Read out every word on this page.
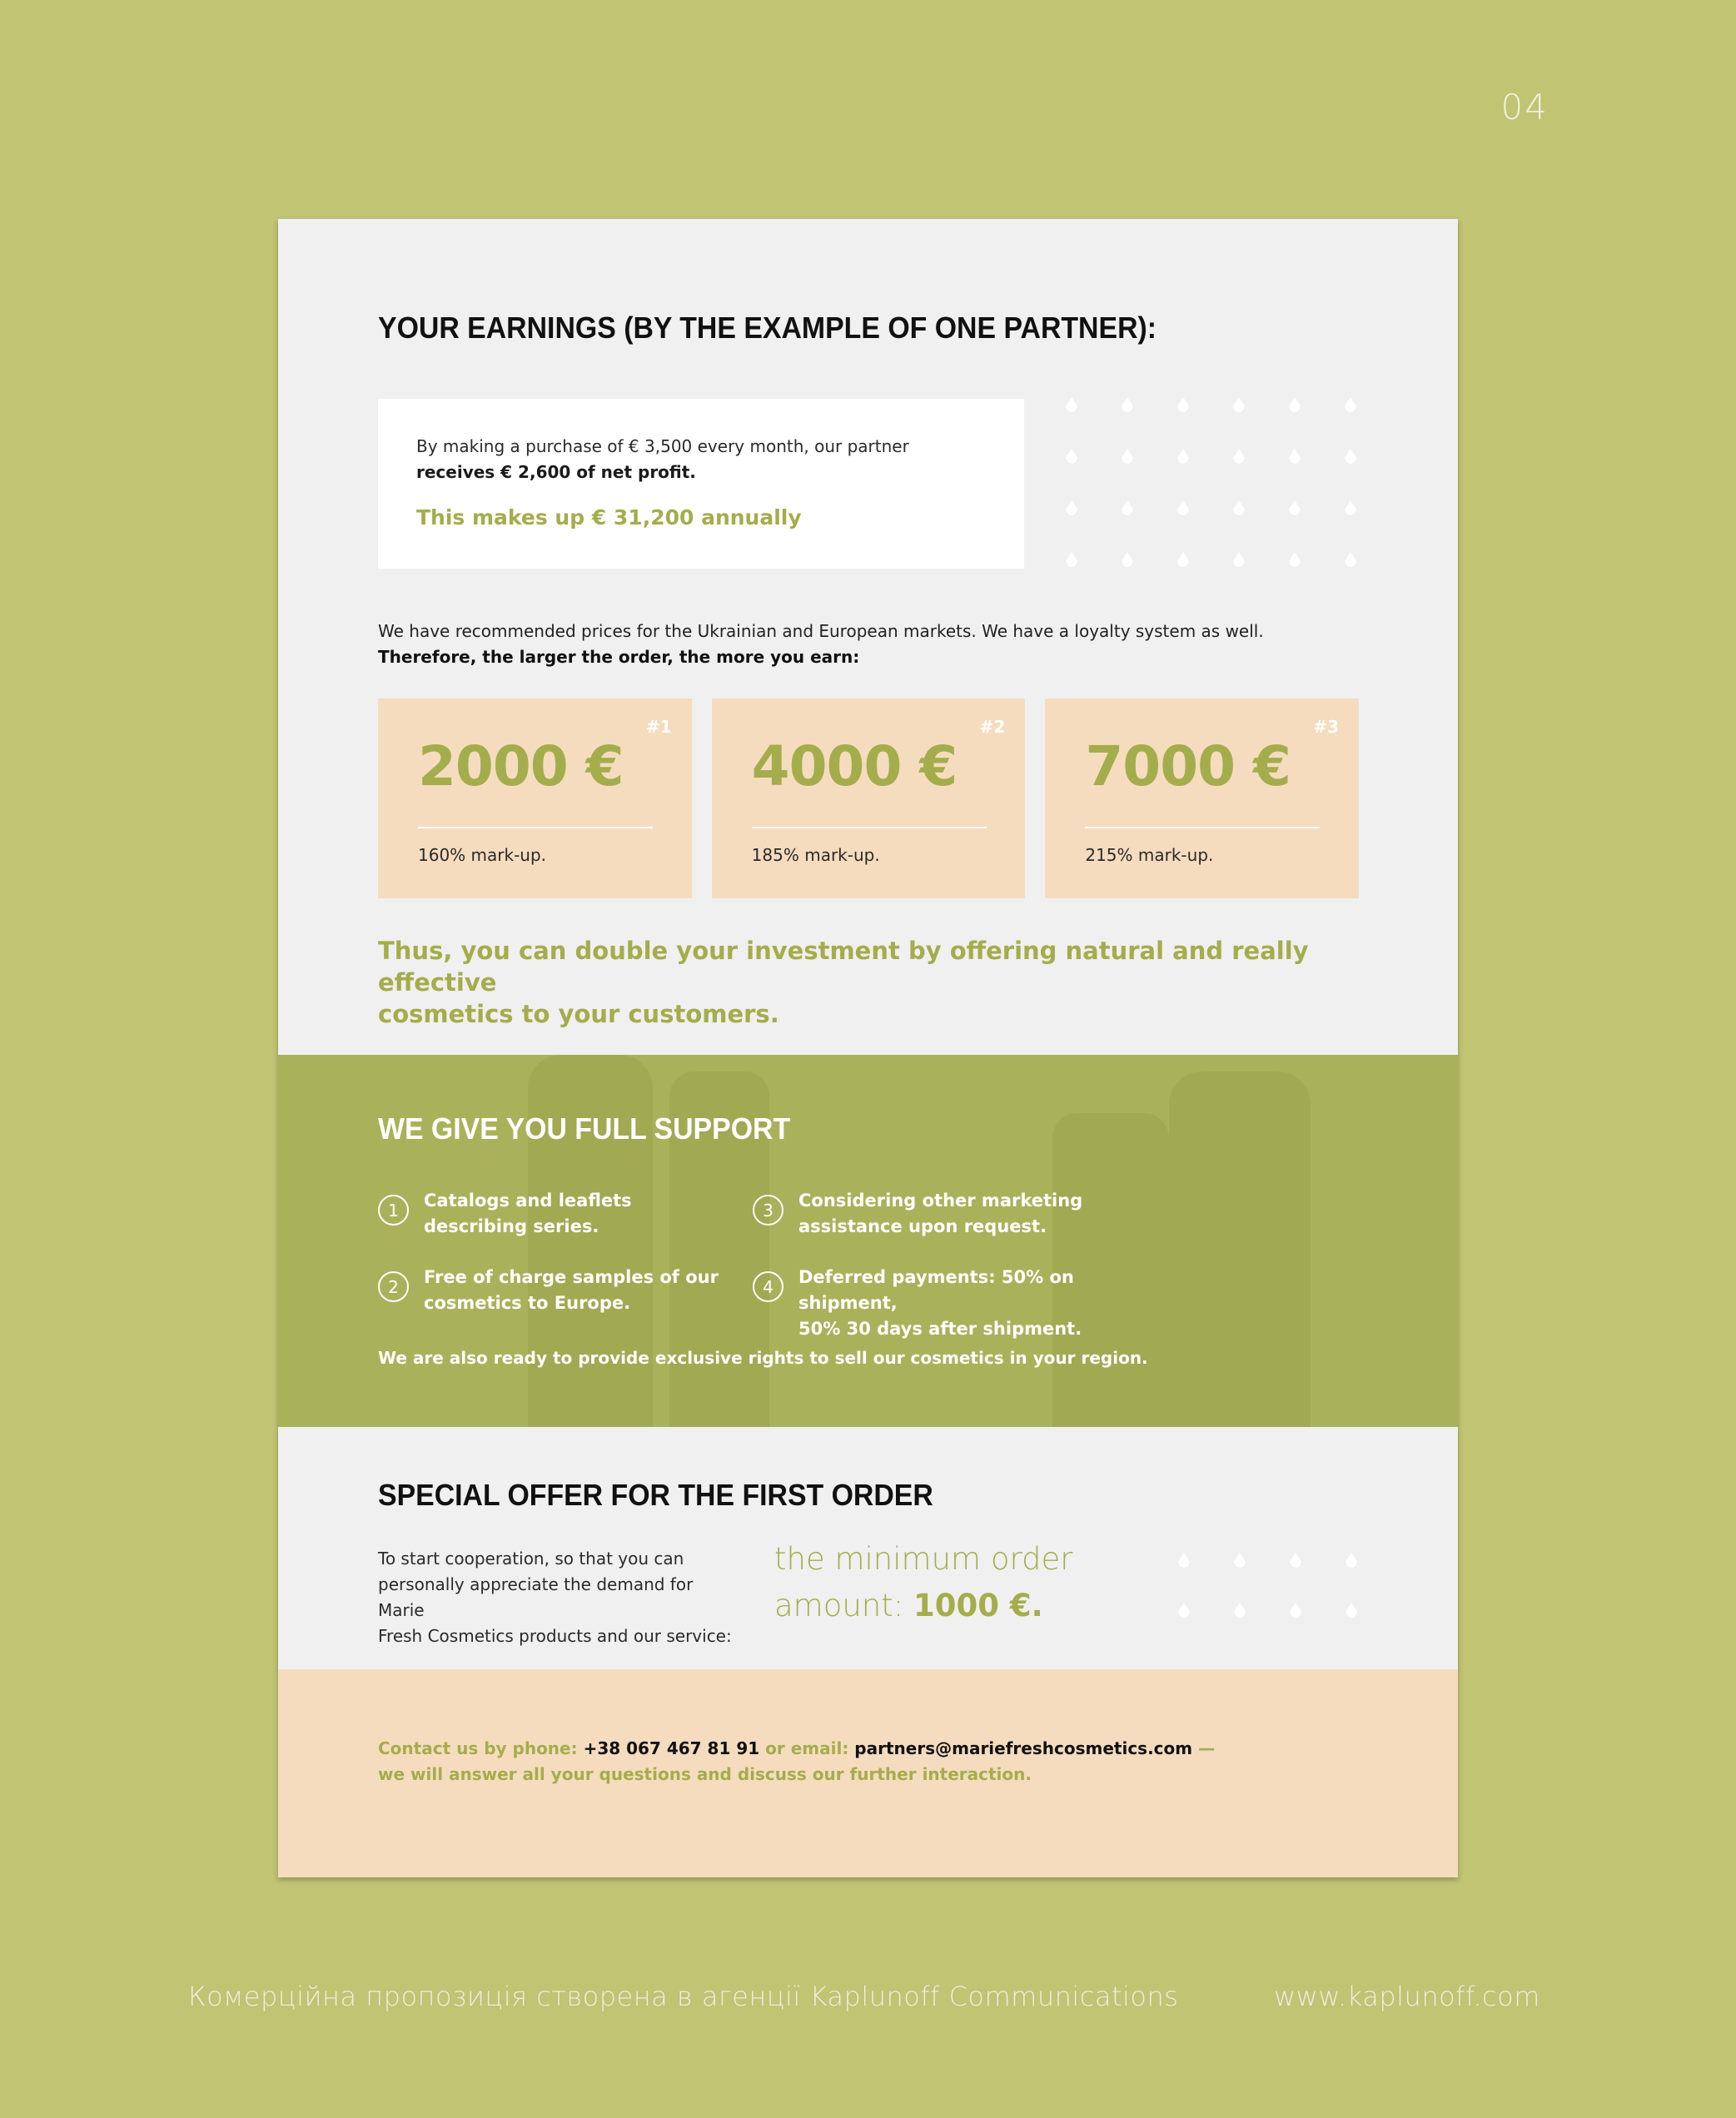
04
YOUR EARNINGS (BY THE EXAMPLE OF ONE PARTNER):
By making a purchase of € 3,500 every month, our partner
receives € 2,600 of net profit.
This makes up € 31,200 annually
We have recommended prices for the Ukrainian and European markets. We have a loyalty system as well.
Therefore, the larger the order, the more you earn:
#1
2000 €
160% mark-up.
#2
4000 €
185% mark-up.
#3
7000 €
215% mark-up.
Thus, you can double your investment by offering natural and really effective
cosmetics to your customers.
WE GIVE YOU FULL SUPPORT
1	Catalogs and leaflets
describing series.
2	Free of charge samples of our
cosmetics to Europe.
3	Considering other marketing
assistance upon request.
4	Deferred payments: 50% on shipment,
50% 30 days after shipment.
We are also ready to provide exclusive rights to sell our cosmetics in your region.
SPECIAL OFFER FOR THE FIRST ORDER
To start cooperation, so that you can
personally appreciate the demand for Marie
Fresh Cosmetics products and our service:
the minimum order
amount: 1000 €.
Contact us by phone: +38 067 467 81 91 or email: partners@mariefreshcosmetics.com —
we will answer all your questions and discuss our further interaction.
Комерційна пропозиція створена в агенції Kaplunoff Communications	www.kaplunoff.com
